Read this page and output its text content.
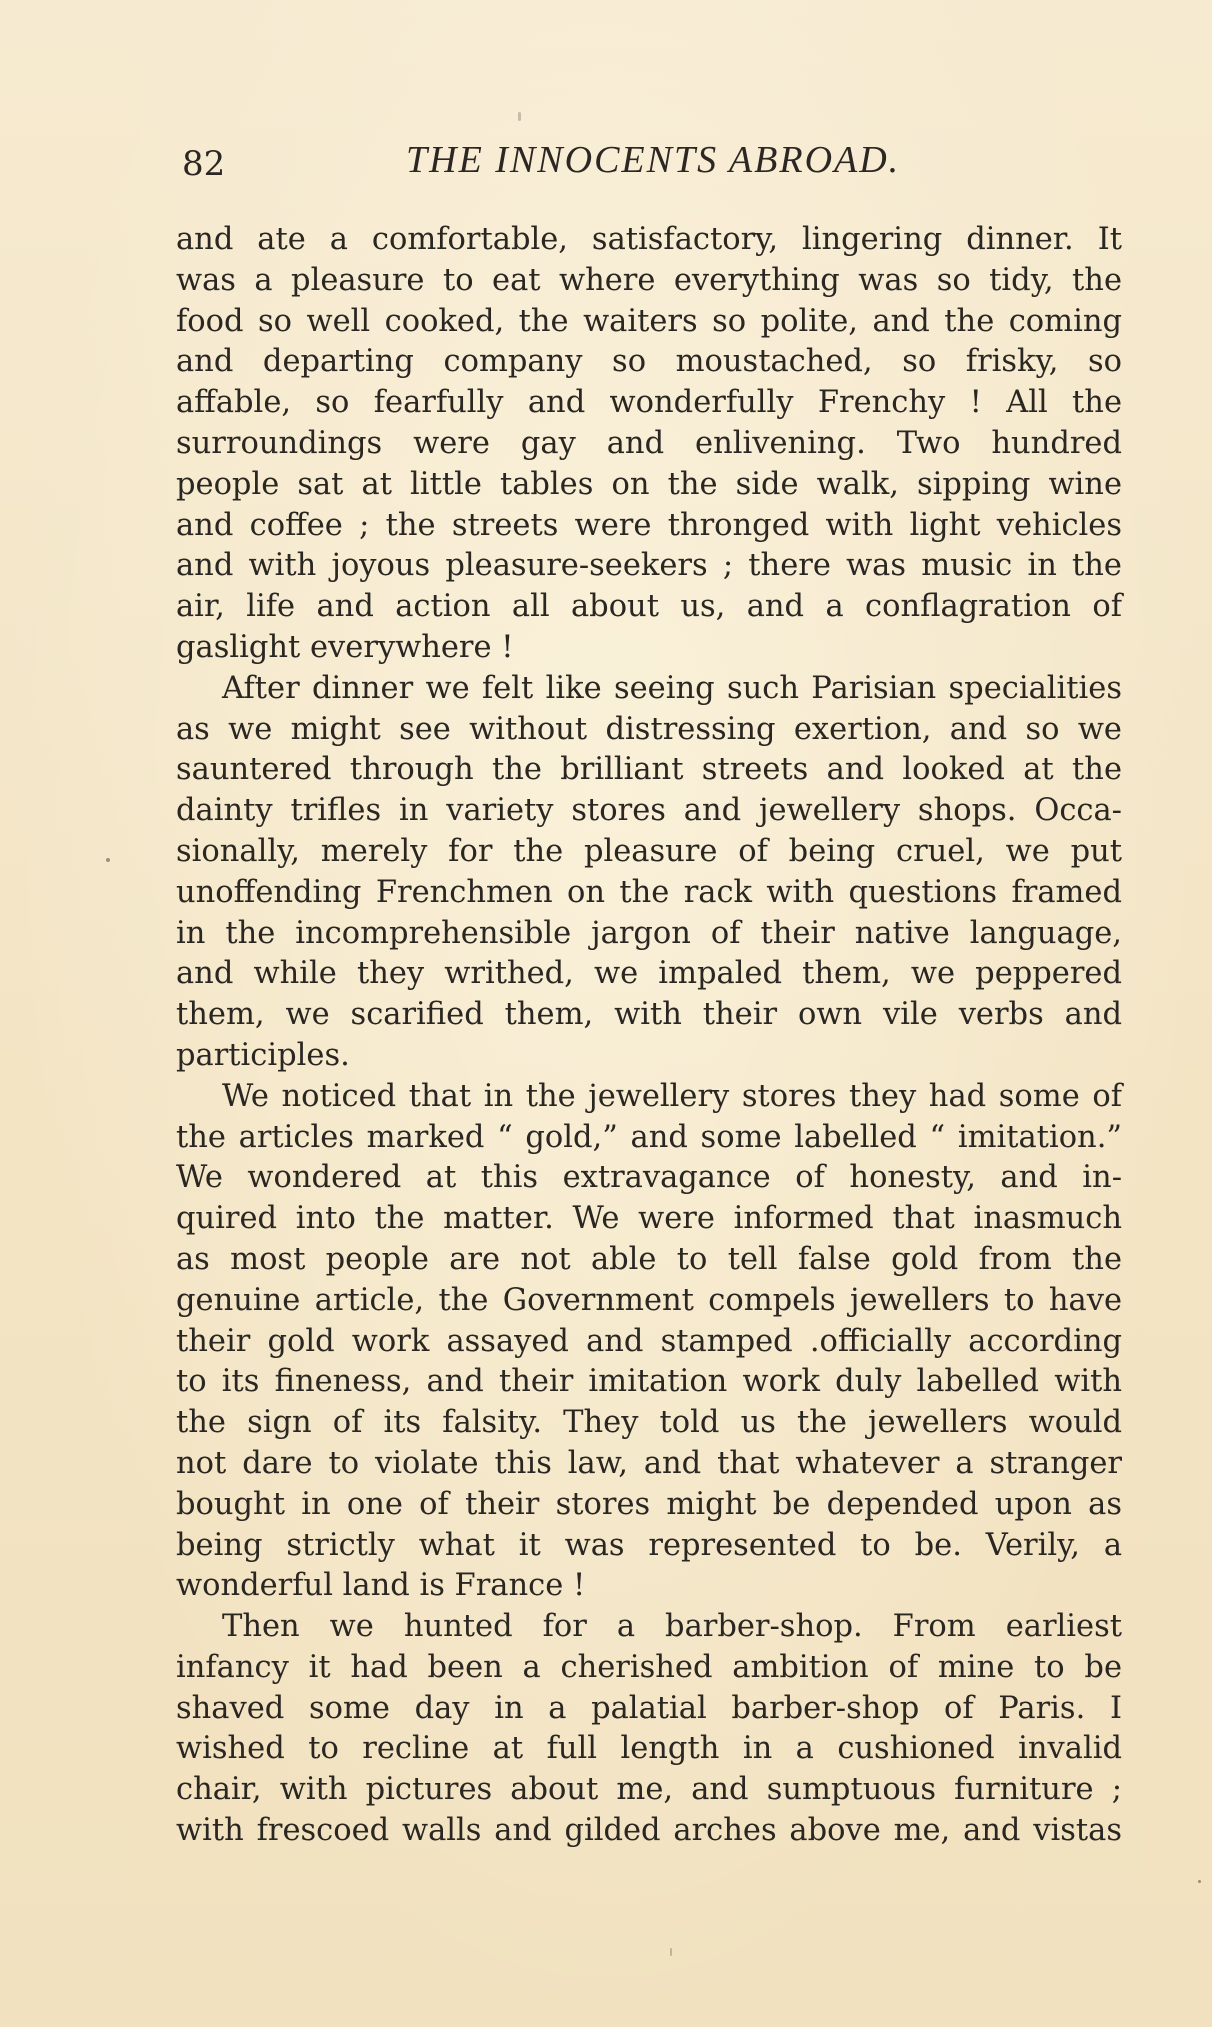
82	THE INNOCENTS ABROAD.
and ate a comfortable, satisfactory, lingering dinner. It
was a pleasure to eat where everything was so tidy, the
food so well cooked, the waiters so polite, and the coming
and departing company so moustached, so frisky, so
affable, so fearfully and wonderfully Frenchy ! All the
surroundings were gay and enlivening. Two hundred
people sat at little tables on the side walk, sipping wine
and coffee ; the streets were thronged with light vehicles
and with joyous pleasure-seekers ; there was music in the
air, life and action all about us, and a conflagration of
gaslight everywhere !
After dinner we felt like seeing such Parisian specialities
as we might see without distressing exertion, and so we
sauntered through the brilliant streets and looked at the
dainty trifles in variety stores and jewellery shops. Occa-
sionally, merely for the pleasure of being cruel, we put
unoffending Frenchmen on the rack with questions framed
in the incomprehensible jargon of their native language,
and while they writhed, we impaled them, we peppered
them, we scarified them, with their own vile verbs and
participles.
We noticed that in the jewellery stores they had some of
the articles marked “ gold,” and some labelled “ imitation.”
We wondered at this extravagance of honesty, and in-
quired into the matter. We were informed that inasmuch
as most people are not able to tell false gold from the
genuine article, the Government compels jewellers to have
their gold work assayed and stamped .officially according
to its fineness, and their imitation work duly labelled with
the sign of its falsity. They told us the jewellers would
not dare to violate this law, and that whatever a stranger
bought in one of their stores might be depended upon as
being strictly what it was represented to be. Verily, a
wonderful land is France !
Then we hunted for a barber-shop. From earliest
infancy it had been a cherished ambition of mine to be
shaved some day in a palatial barber-shop of Paris. I
wished to recline at full length in a cushioned invalid
chair, with pictures about me, and sumptuous furniture ;
with frescoed walls and gilded arches above me, and vistas
